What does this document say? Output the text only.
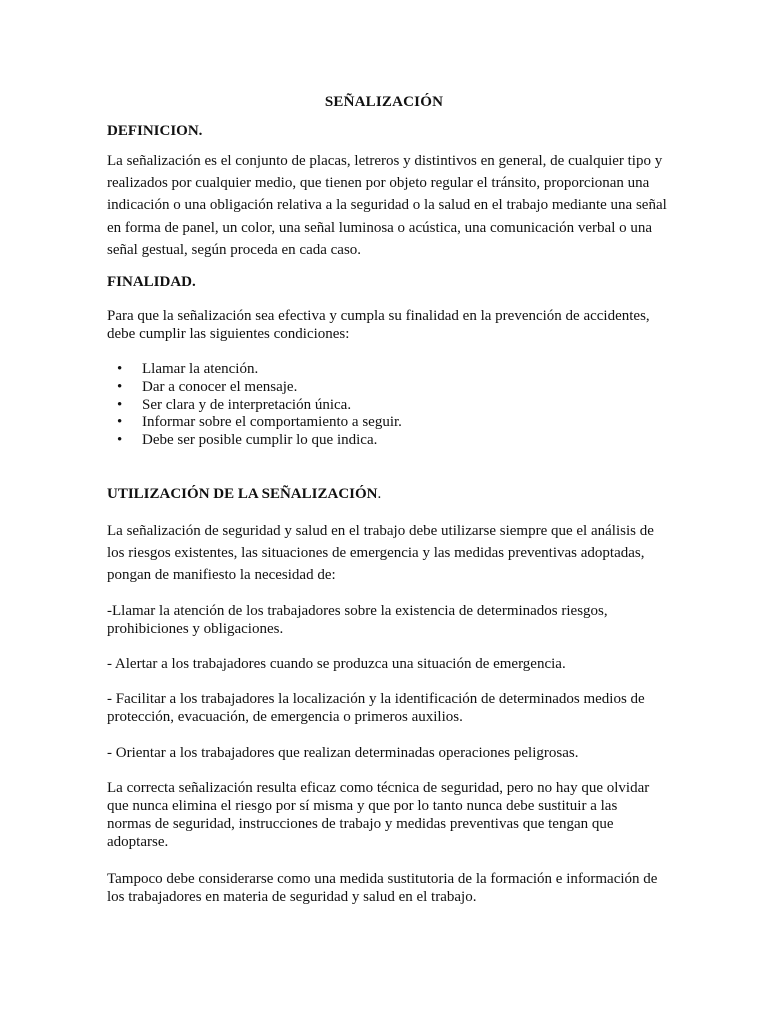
SEÑALIZACIÓN
DEFINICION.
La señalización es el conjunto de placas, letreros y distintivos en general, de cualquier tipo y
realizados por cualquier medio, que tienen por objeto regular el tránsito, proporcionan una
indicación o una obligación relativa a la seguridad o la salud en el trabajo mediante una señal
en forma de panel, un color, una señal luminosa o acústica, una comunicación verbal o una
señal gestual, según proceda en cada caso.
FINALIDAD.
Para que la señalización sea efectiva y cumpla su finalidad en la prevención de accidentes,
debe cumplir las siguientes condiciones:
• Llamar la atención.
• Dar a conocer el mensaje.
• Ser clara y de interpretación única.
• Informar sobre el comportamiento a seguir.
• Debe ser posible cumplir lo que indica.
UTILIZACIÓN DE LA SEÑALIZACIÓN.
La señalización de seguridad y salud en el trabajo debe utilizarse siempre que el análisis de
los riesgos existentes, las situaciones de emergencia y las medidas preventivas adoptadas,
pongan de manifiesto la necesidad de:
-Llamar la atención de los trabajadores sobre la existencia de determinados riesgos,
prohibiciones y obligaciones.
- Alertar a los trabajadores cuando se produzca una situación de emergencia.
- Facilitar a los trabajadores la localización y la identificación de determinados medios de
protección, evacuación, de emergencia o primeros auxilios.
- Orientar a los trabajadores que realizan determinadas operaciones peligrosas.
La correcta señalización resulta eficaz como técnica de seguridad, pero no hay que olvidar
que nunca elimina el riesgo por sí misma y que por lo tanto nunca debe sustituir a las
normas de seguridad, instrucciones de trabajo y medidas preventivas que tengan que
adoptarse.
Tampoco debe considerarse como una medida sustitutoria de la formación e información de
los trabajadores en materia de seguridad y salud en el trabajo.
